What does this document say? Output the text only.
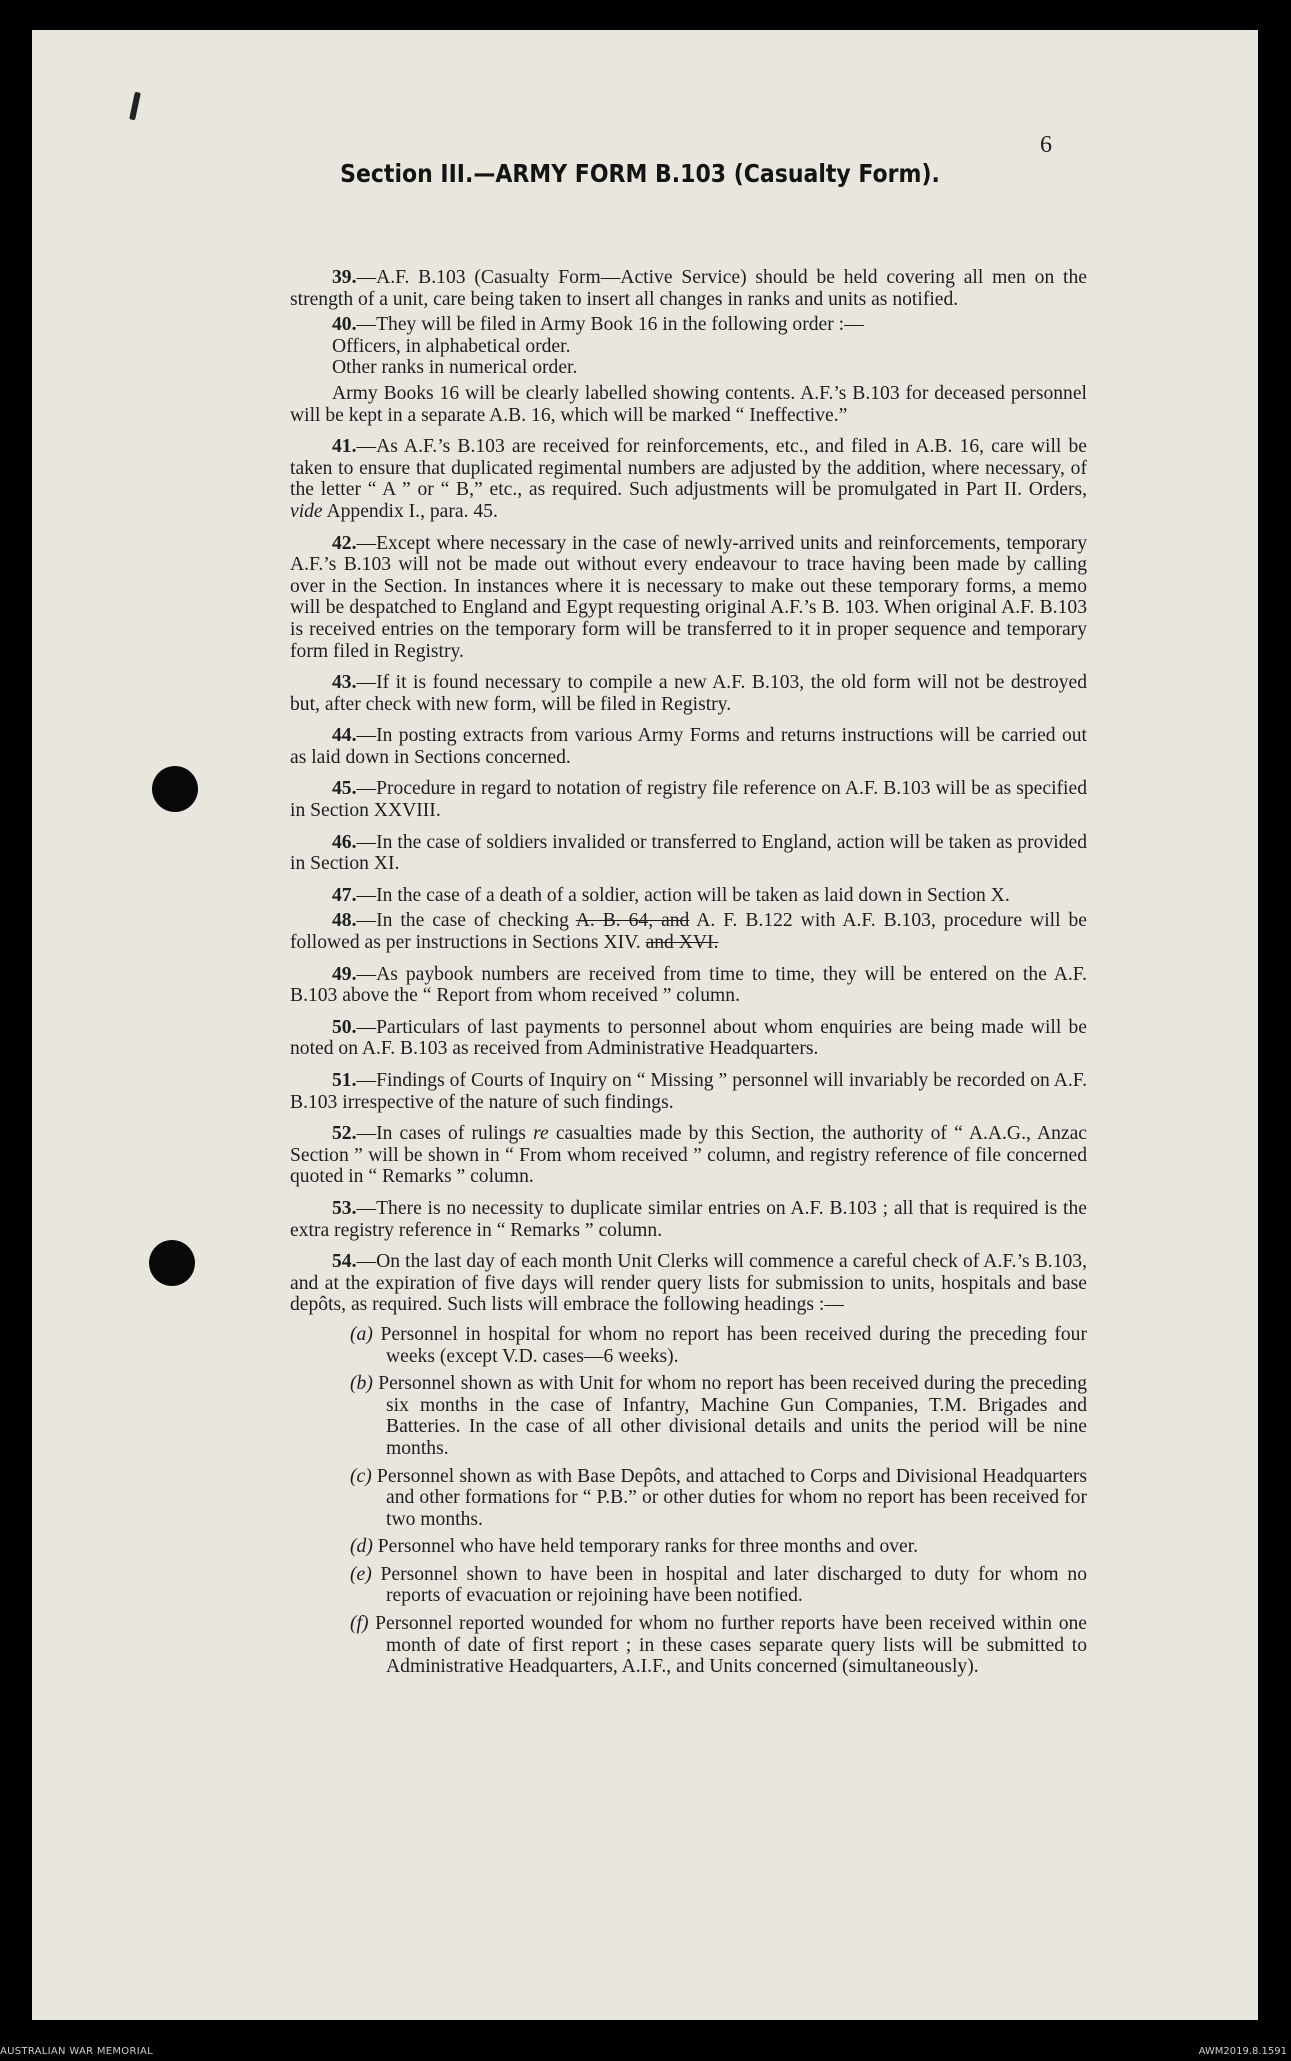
6
Section III.—ARMY FORM B.103 (Casualty Form).

39.—A.F. B.103 (Casualty Form—Active Service) should be held covering all men on the strength of a unit, care being taken to insert all changes in ranks and units as notified.

40.—They will be filed in Army Book 16 in the following order :—

Officers, in alphabetical order.

Other ranks in numerical order.

Army Books 16 will be clearly labelled showing contents. A.F.’s B.103 for deceased personnel will be kept in a separate A.B. 16, which will be marked “ Ineffective.”

41.—As A.F.’s B.103 are received for reinforcements, etc., and filed in A.B. 16, care will be taken to ensure that duplicated regimental numbers are adjusted by the addition, where necessary, of the letter “ A ” or “ B,” etc., as required. Such adjustments will be promulgated in Part II. Orders, vide Appendix I., para. 45.

42.—Except where necessary in the case of newly-arrived units and reinforcements, temporary A.F.’s B.103 will not be made out without every endeavour to trace having been made by calling over in the Section. In instances where it is necessary to make out these temporary forms, a memo will be despatched to England and Egypt requesting original A.F.’s B. 103. When original A.F. B.103 is received entries on the temporary form will be transferred to it in proper sequence and temporary form filed in Registry.

43.—If it is found necessary to compile a new A.F. B.103, the old form will not be destroyed but, after check with new form, will be filed in Registry.

44.—In posting extracts from various Army Forms and returns instructions will be carried out as laid down in Sections concerned.

45.—Procedure in regard to notation of registry file reference on A.F. B.103 will be as specified in Section XXVIII.

46.—In the case of soldiers invalided or transferred to England, action will be taken as provided in Section XI.

47.—In the case of a death of a soldier, action will be taken as laid down in Section X.

48.—In the case of checking A. B. 64, and A. F. B.122 with A.F. B.103, procedure will be followed as per instructions in Sections XIV. and XVI.

49.—As paybook numbers are received from time to time, they will be entered on the A.F. B.103 above the “ Report from whom received ” column.

50.—Particulars of last payments to personnel about whom enquiries are being made will be noted on A.F. B.103 as received from Administrative Headquarters.

51.—Findings of Courts of Inquiry on “ Missing ” personnel will invariably be recorded on A.F. B.103 irrespective of the nature of such findings.

52.—In cases of rulings re casualties made by this Section, the authority of “ A.A.G., Anzac Section ” will be shown in “ From whom received ” column, and registry reference of file concerned quoted in “ Remarks ” column.

53.—There is no necessity to duplicate similar entries on A.F. B.103 ; all that is required is the extra registry reference in “ Remarks ” column.

54.—On the last day of each month Unit Clerks will commence a careful check of A.F.’s B.103, and at the expiration of five days will render query lists for submission to units, hospitals and base depôts, as required. Such lists will embrace the following headings :—

(a) Personnel in hospital for whom no report has been received during the preceding four weeks (except V.D. cases—6 weeks).
(b) Personnel shown as with Unit for whom no report has been received during the preceding six months in the case of Infantry, Machine Gun Companies, T.M. Brigades and Batteries. In the case of all other divisional details and units the period will be nine months.
(c) Personnel shown as with Base Depôts, and attached to Corps and Divisional Headquarters and other formations for “ P.B.” or other duties for whom no report has been received for two months.
(d) Personnel who have held temporary ranks for three months and over.
(e) Personnel shown to have been in hospital and later discharged to duty for whom no reports of evacuation or rejoining have been notified.
(f) Personnel reported wounded for whom no further reports have been received within one month of date of first report ; in these cases separate query lists will be submitted to Administrative Headquarters, A.I.F., and Units concerned (simultaneously).
AUSTRALIAN WAR MEMORIAL	AWM2019.8.1591
